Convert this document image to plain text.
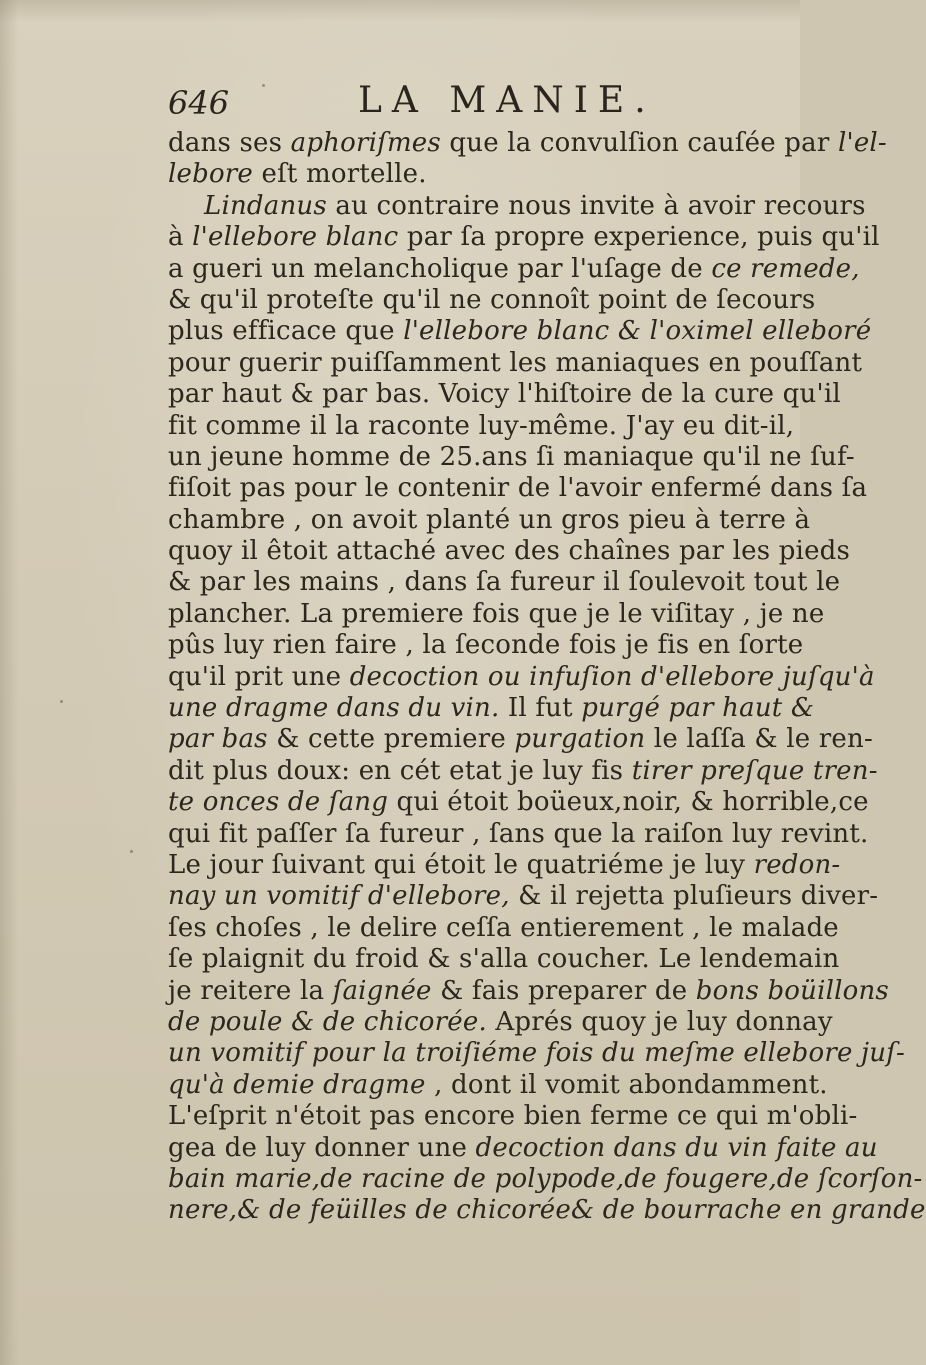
646	LA MANIE.
dans ses aphoriſmes que la convulſion cauſée par l'el-
lebore eſt mortelle.
Lindanus au contraire nous invite à avoir recours
à l'ellebore blanc par ſa propre experience, puis qu'il
a gueri un melancholique par l'uſage de ce remede,
& qu'il proteſte qu'il ne connoît point de ſecours
plus efficace que l'ellebore blanc & l'oximel elleboré
pour guerir puiſſamment les maniaques en pouſſant
par haut & par bas. Voicy l'hiſtoire de la cure qu'il
fit comme il la raconte luy-même. J'ay eu dit-il,
un jeune homme de 25.ans ſi maniaque qu'il ne ſuf-
fiſoit pas pour le contenir de l'avoir enfermé dans ſa
chambre , on avoit planté un gros pieu à terre à
quoy il êtoit attaché avec des chaînes par les pieds
& par les mains , dans ſa fureur il ſoulevoit tout le
plancher. La premiere fois que je le viſitay , je ne
pûs luy rien faire , la ſeconde fois je fis en ſorte
qu'il prit une decoction ou infuſion d'ellebore juſqu'à
une dragme dans du vin. Il fut purgé par haut &
par bas & cette premiere purgation le laſſa & le ren-
dit plus doux: en cét etat je luy fis tirer preſque tren-
te onces de ſang qui étoit boüeux,noir, & horrible,ce
qui fit paſſer ſa fureur , ſans que la raiſon luy revint.
Le jour ſuivant qui étoit le quatriéme je luy redon-
nay un vomitif d'ellebore, & il rejetta pluſieurs diver-
ſes choſes , le delire ceſſa entierement , le malade
ſe plaignit du froid & s'alla coucher. Le lendemain
je reitere la ſaignée & fais preparer de bons boüillons
de poule & de chicorée. Aprés quoy je luy donnay
un vomitif pour la troiſiéme fois du meſme ellebore juſ-
qu'à demie dragme , dont il vomit abondamment.
L'eſprit n'étoit pas encore bien ferme ce qui m'obli-
gea de luy donner une decoction dans du vin faite au
bain marie,de racine de polypode,de fougere,de ſcorſon-
nere,& de feüilles de chicorée& de bourrache en grande
